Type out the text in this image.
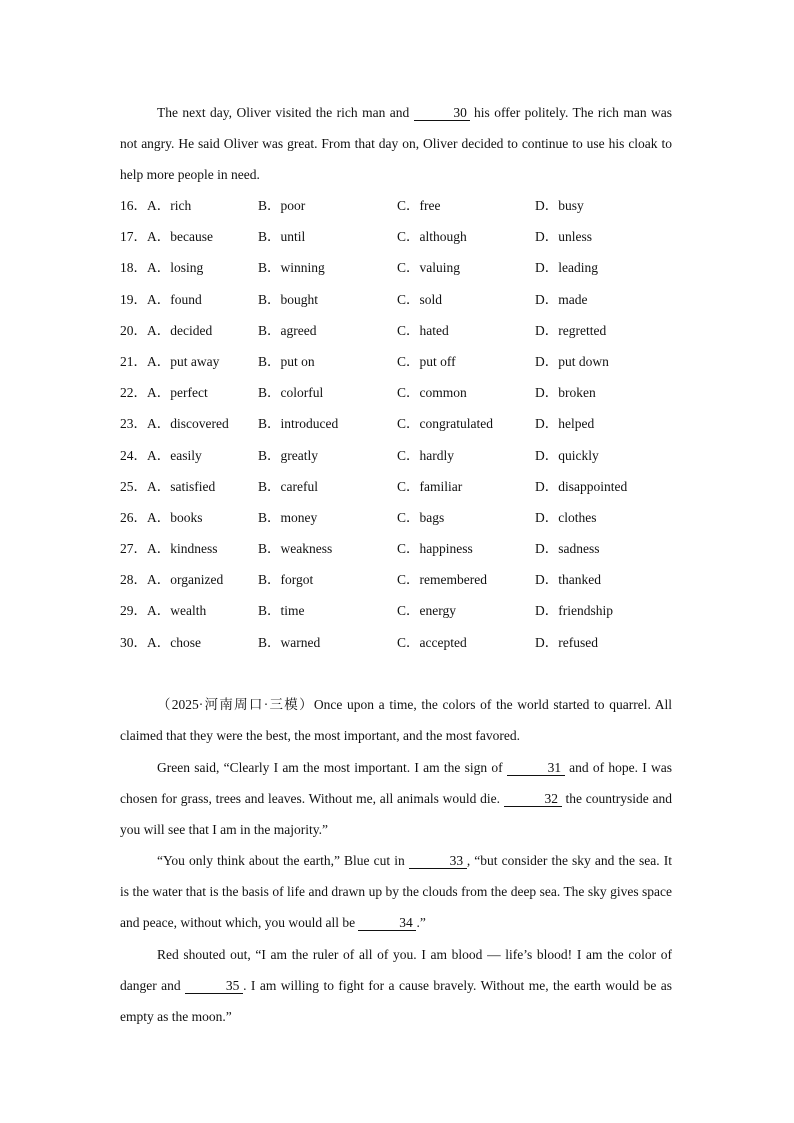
The next day, Oliver visited the rich man and	30 his offer politely. The rich man was not angry. He said Oliver was great. From that day on, Oliver decided to continue to use his cloak to help more people in need.

16．A．rich	B．poor	C．free	D．busy
17．A．because	B．until	C．although	D．unless
18．A．losing	B．winning	C．valuing	D．leading
19．A．found	B．bought	C．sold	D．made
20．A．decided	B．agreed	C．hated	D．regretted
21．A．put away	B．put on	C．put off	D．put down
22．A．perfect	B．colorful	C．common	D．broken
23．A．discovered B．introduced	C．congratulated	D．helped
24．A．easily	B．greatly	C．hardly	D．quickly
25．A．satisfied	B．careful	C．familiar	D．disappointed
26．A．books	B．money	C．bags	D．clothes
27．A．kindness	B．weakness	C．happiness	D．sadness
28．A．organized	B．forgot	C．remembered	D．thanked
29．A．wealth	B．time	C．energy	D．friendship
30．A．chose	B．warned	C．accepted	D．refused

（2025·河南周口·三模）Once upon a time, the colors of the world started to quarrel. All claimed that they were the best, the most important, and the most favored.

Green said, “Clearly I am the most important. I am the sign of	31 and of hope. I was chosen for grass, trees and leaves. Without me, all animals would die.	32 the countryside and you will see that I am in the majority.”

“You only think about the earth,” Blue cut in	33 , “but consider the sky and the sea. It is the water that is the basis of life and drawn up by the clouds from the deep sea. The sky gives space and peace, without which, you would all be	34 .”

Red shouted out, “I am the ruler of all of you. I am blood — life’s blood! I am the color of danger and	35 . I am willing to fight for a cause bravely. Without me, the earth would be as empty as the moon.”
